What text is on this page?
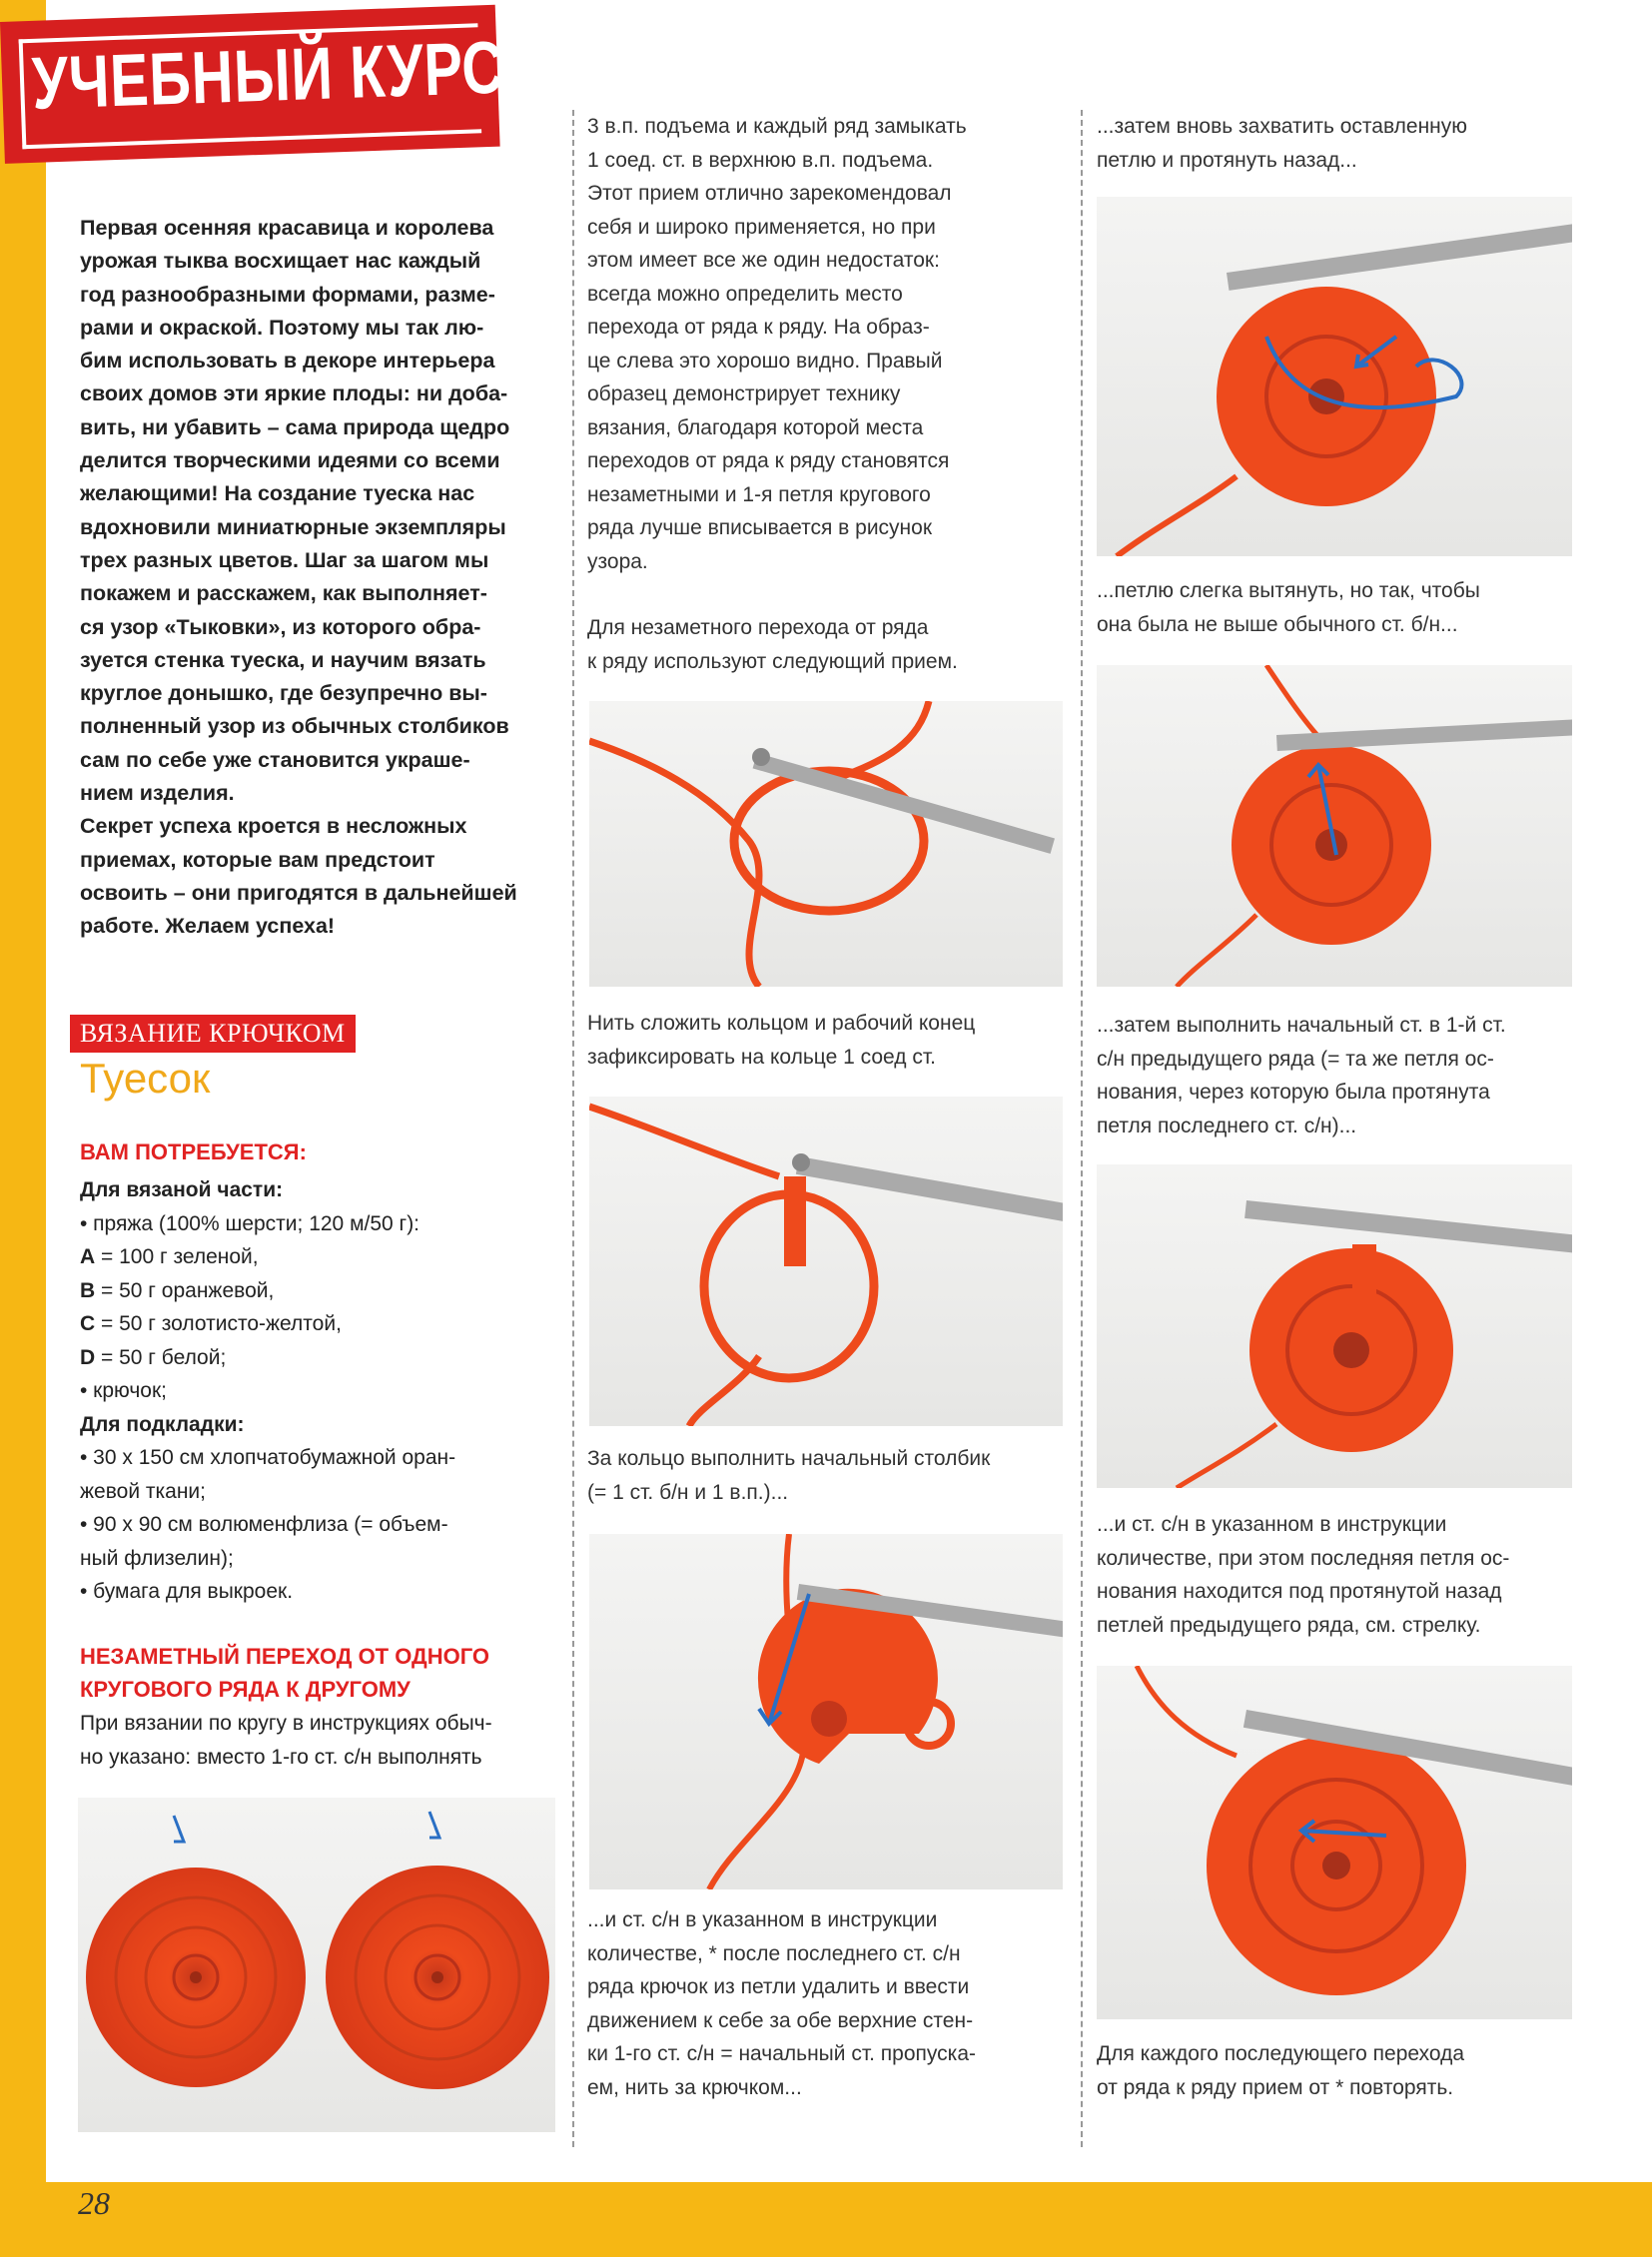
УЧЕБНЫЙ КУРС
Первая осенняя красавица и королева
урожая тыква восхищает нас каждый
год разнообразными формами, разме-
рами и окраской. Поэтому мы так лю-
бим использовать в декоре интерьера
своих домов эти яркие плоды: ни доба-
вить, ни убавить – сама природа щедро
делится творческими идеями со всеми
желающими! На создание туеска нас
вдохновили миниатюрные экземпляры
трех разных цветов. Шаг за шагом мы
покажем и расскажем, как выполняет-
ся узор «Тыковки», из которого обра-
зуется стенка туеска, и научим вязать
круглое донышко, где безупречно вы-
полненный узор из обычных столбиков
сам по себе уже становится украше-
нием изделия.
Секрет успеха кроется в несложных
приемах, которые вам предстоит
освоить – они пригодятся в дальнейшей
работе. Желаем успеха!
ВЯЗАНИЕ КРЮЧКОМ
Туесок
ВАМ ПОТРЕБУЕТСЯ:
Для вязаной части:
• пряжа (100% шерсти; 120 м/50 г):
A = 100 г зеленой,
B = 50 г оранжевой,
C = 50 г золотисто-желтой,
D = 50 г белой;
• крючок;
Для подкладки:
• 30 х 150 см хлопчатобумажной оран-
жевой ткани;
• 90 х 90 см волюменфлиза (= объем-
ный флизелин);
• бумага для выкроек.
НЕЗАМЕТНЫЙ ПЕРЕХОД ОТ ОДНОГО
КРУГОВОГО РЯДА К ДРУГОМУ
При вязании по кругу в инструкциях обыч-
но указано: вместо 1-го ст. с/н выполнять
3 в.п. подъема и каждый ряд замыкать
1 соед. ст. в верхнюю в.п. подъема.
Этот прием отлично зарекомендовал
себя и широко применяется, но при
этом имеет все же один недостаток:
всегда можно определить место
перехода от ряда к ряду. На образ-
це слева это хорошо видно. Правый
образец демонстрирует технику
вязания, благодаря которой места
переходов от ряда к ряду становятся
незаметными и 1-я петля кругового
ряда лучше вписывается в рисунок
узора.
Для незаметного перехода от ряда
к ряду используют следующий прием.
Нить сложить кольцом и рабочий конец
зафиксировать на кольце 1 соед ст.
За кольцо выполнить начальный столбик
(= 1 ст. б/н и 1 в.п.)...
...и ст. с/н в указанном в инструкции
количестве, * после последнего ст. с/н
ряда крючок из петли удалить и ввести
движением к себе за обе верхние стен-
ки 1-го ст. с/н = начальный ст. пропуска-
ем, нить за крючком...
...затем вновь захватить оставленную
петлю и протянуть назад...
...петлю слегка вытянуть, но так, чтобы
она была не выше обычного ст. б/н...
...затем выполнить начальный ст. в 1-й ст.
с/н предыдущего ряда (= та же петля ос-
нования, через которую была протянута
петля последнего ст. с/н)...
...и ст. с/н в указанном в инструкции
количестве, при этом последняя петля ос-
нования находится под протянутой назад
петлей предыдущего ряда, см. стрелку.
Для каждого последующего перехода
от ряда к ряду прием от * повторять.
28
